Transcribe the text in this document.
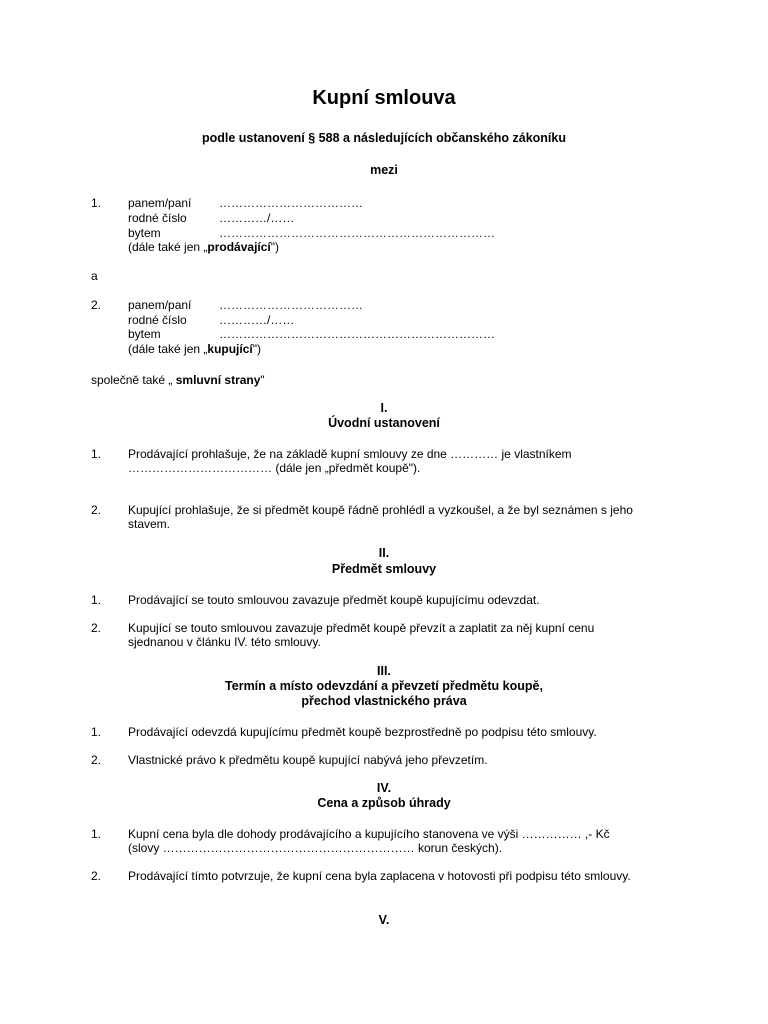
Kupní smlouva
podle ustanovení § 588 a následujících občanského zákoníku
mezi
1. panem/paní ………………………………
rodné číslo	…………/……
bytem	……………………………………………………………
(dále také jen „prodávající")
a
2. panem/paní ………………………………
rodné číslo	…………/……
bytem	……………………………………………………………
(dále také jen „kupující")
společně také „ smluvní strany"
I.
Úvodní ustanovení
1. Prodávající prohlašuje, že na základě kupní smlouvy ze dne ………… je vlastníkem
……………………………… (dále jen „předmět koupě").
2. Kupující prohlašuje, že si předmět koupě řádně prohlédl a vyzkoušel, a že byl seznámen s jeho
stavem.
II.
Předmět smlouvy
1. Prodávající se touto smlouvou zavazuje předmět koupě kupujícímu odevzdat.
2. Kupující se touto smlouvou zavazuje předmět koupě převzít a zaplatit za něj kupní cenu
sjednanou v článku IV. této smlouvy.
III.
Termín a místo odevzdání a převzetí předmětu koupě,
přechod vlastnického práva
1. Prodávající odevzdá kupujícímu předmět koupě bezprostředně po podpisu této smlouvy.
2. Vlastnické právo k předmětu koupě kupující nabývá jeho převzetím.
IV.
Cena a způsob úhrady
1. Kupní cena byla dle dohody prodávajícího a kupujícího stanovena ve výši …………… ,- Kč
(slovy ……………………………………………………… korun českých).
2. Prodávající tímto potvrzuje, že kupní cena byla zaplacena v hotovosti při podpisu této smlouvy.
V.
